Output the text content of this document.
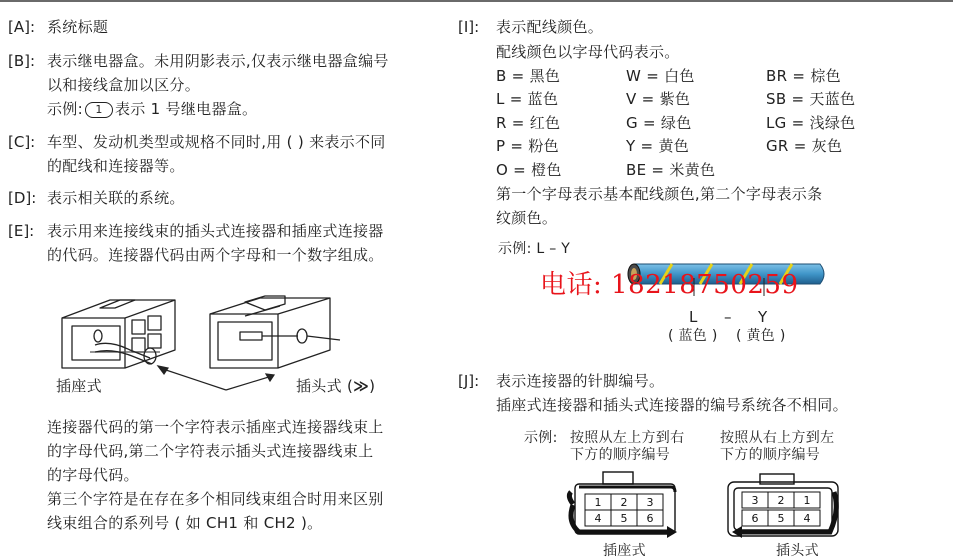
[A]: 系统标题
[B]: 表示继电器盒。未用阴影表示,仅表示继电器盒编号
以和接线盒加以区分。
示例: 1 表示 1 号继电器盒。
[C]: 车型、发动机类型或规格不同时,用 ( ) 来表示不同
的配线和连接器等。
[D]: 表示相关联的系统。
[E]: 表示用来连接线束的插头式连接器和插座式连接器
的代码。连接器代码由两个字母和一个数字组成。
插座式	插头式 (≫)
连接器代码的第一个字符表示插座式连接器线束上
的字母代码,第二个字符表示插头式连接器线束上
的字母代码。
第三个字符是在存在多个相同线束组合时用来区别
线束组合的系列号 ( 如 CH1 和 CH2 )。
[I]: 表示配线颜色。
配线颜色以字母代码表示。
B = 黑色	W = 白色	BR = 棕色
L = 蓝色	V = 紫色	SB = 天蓝色
R = 红色	G = 绿色	LG = 浅绿色
P = 粉色	Y = 黄色	GR = 灰色
O = 橙色	BE = 米黄色
第一个字母表示基本配线颜色,第二个字母表示条
纹颜色。
示例: L – Y
电话: 18218750259
L – Y
( 蓝色 ) ( 黄色 )
[J]: 表示连接器的针脚编号。
插座式连接器和插头式连接器的编号系统各不相同。
示例: 按照从左上方到右
下方的顺序编号
按照从右上方到左
下方的顺序编号
1 2 3
4 5 6
3 2 1
6 5 4
插座式	插头式
